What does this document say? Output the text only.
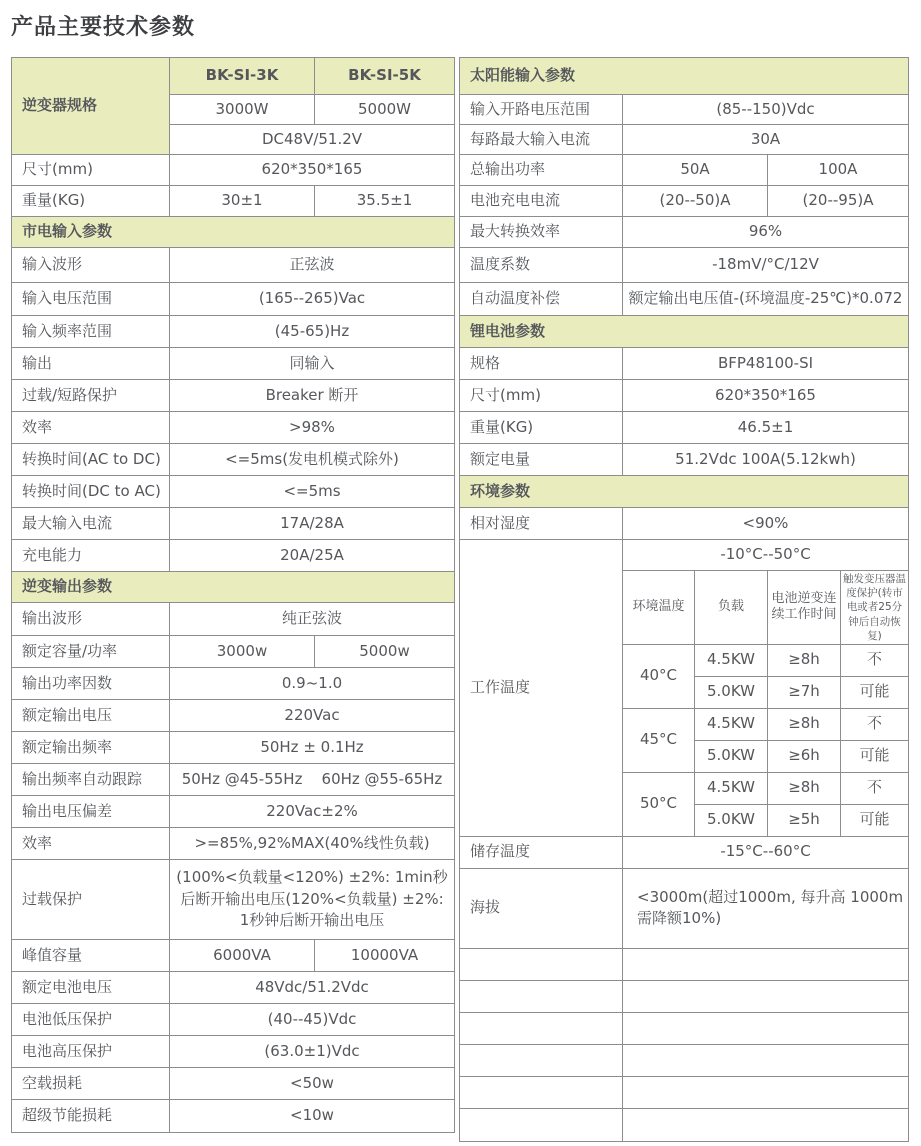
产品主要技术参数
逆变器规格	BK-SI-3K	BK-SI-5K
	3000W	5000W
	DC48V/51.2V	
尺寸(mm)	620*350*165	
重量(KG)	30±1	35.5±1
市电输入参数		
输入波形	正弦波	
输入电压范围	(165--265)Vac	
输入频率范围	(45-65)Hz	
输出	同输入	
过载/短路保护	Breaker 断开	
效率	>98%	
转换时间(AC to DC)	<=5ms(发电机模式除外)	
转换时间(DC to AC)	<=5ms	
最大输入电流	17A/28A	
充电能力	20A/25A	
逆变输出参数		
输出波形	纯正弦波	
额定容量/功率	3000w	5000w
输出功率因数	0.9~1.0	
额定输出电压	220Vac	
额定输出频率	50Hz ± 0.1Hz	
输出频率自动跟踪	50Hz @45-55Hz    60Hz @55-65Hz	
输出电压偏差	220Vac±2%	
效率	>=85%,92%MAX(40%线性负载)	
过载保护	(100%<负载量<120%) ±2%: 1min秒后断开输出电压(120%<负载量) ±2%: 1秒钟后断开输出电压	
峰值容量	6000VA	10000VA
额定电池电压	48Vdc/51.2Vdc	
电池低压保护	(40--45)Vdc	
电池高压保护	(63.0±1)Vdc	
空载损耗	<50w	
超级节能损耗	<10w	
太阳能输入参数				
输入开路电压范围	(85--150)Vdc			
每路最大输入电流	30A			
总输出功率	50A		100A	
电池充电电流	(20--50)A		(20--95)A	
最大转换效率	96%			
温度系数	-18mV/°C/12V			
自动温度补偿	额定输出电压值-(环境温度-25℃)*0.072			
锂电池参数				
规格	BFP48100-SI			
尺寸(mm)	620*350*165			
重量(KG)	46.5±1			
额定电量	51.2Vdc 100A(5.12kwh)			
环境参数				
相对湿度	<90%			
工作温度	-10°C--50°C			
	环境温度	负载	电池逆变连续工作时间	触发变压器温度保护(转市电或者25分钟后自动恢复)

	40°C	4.5KW	≥8h	不
		5.0KW	≥7h	可能
	45°C	4.5KW	≥8h	不
		5.0KW	≥6h	可能
	50°C	4.5KW	≥8h	不
		5.0KW	≥5h	可能
储存温度	-15°C--60°C			
海拔	<3000m(超过1000m, 每升高 1000m需降额10%)			
